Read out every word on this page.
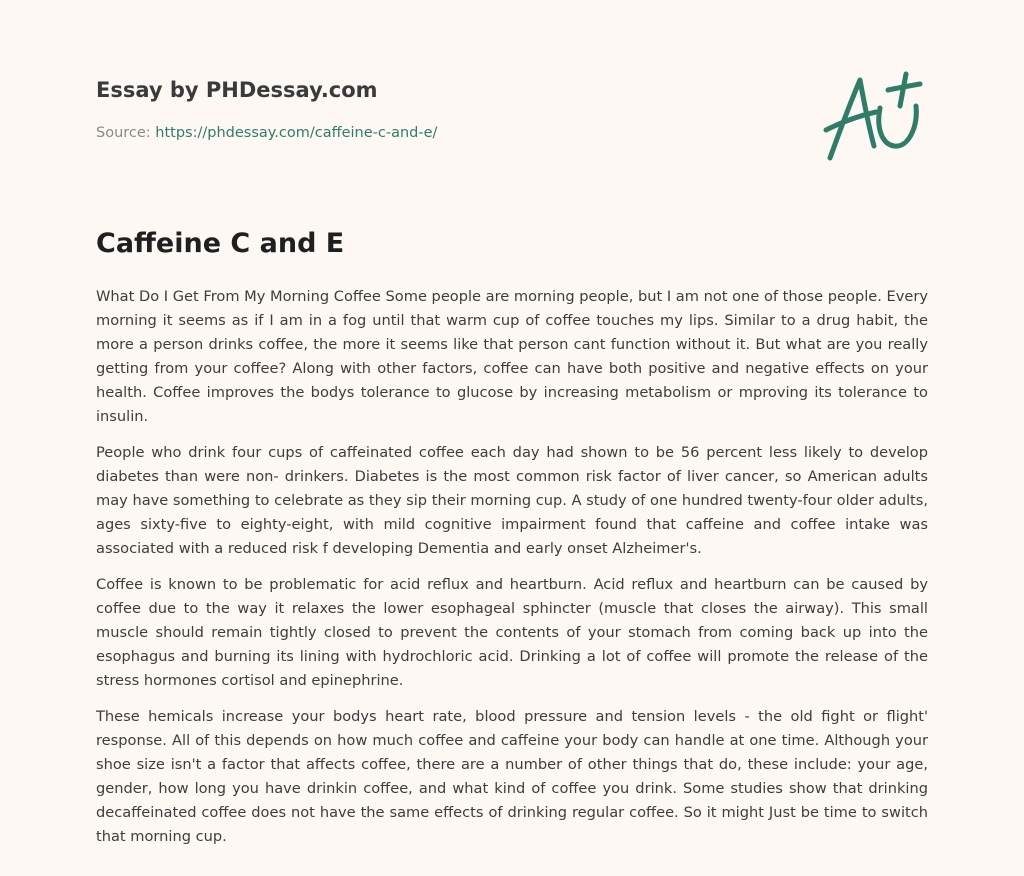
Essay by PHDessay.com
Source: https://phdessay.com/caffeine-c-and-e/
Caffeine C and E

What Do I Get From My Morning Coffee Some people are morning people, but I am not one of those people. Every morning it seems as if I am in a fog until that warm cup of coffee touches my lips. Similar to a drug habit, the more a person drinks coffee, the more it seems like that person cant function without it. But what are you really getting from your coffee? Along with other factors, coffee can have both positive and negative effects on your health. Coffee improves the bodys tolerance to glucose by increasing metabolism or mproving its tolerance to insulin.

People who drink four cups of caffeinated coffee each day had shown to be 56 percent less likely to develop diabetes than were non- drinkers. Diabetes is the most common risk factor of liver cancer, so American adults may have something to celebrate as they sip their morning cup. A study of one hundred twenty-four older adults, ages sixty-five to eighty-eight, with mild cognitive impairment found that caffeine and coffee intake was associated with a reduced risk f developing Dementia and early onset Alzheimer's.

Coffee is known to be problematic for acid reflux and heartburn. Acid reflux and heartburn can be caused by coffee due to the way it relaxes the lower esophageal sphincter (muscle that closes the airway). This small muscle should remain tightly closed to prevent the contents of your stomach from coming back up into the esophagus and burning its lining with hydrochloric acid. Drinking a lot of coffee will promote the release of the stress hormones cortisol and epinephrine.

These hemicals increase your bodys heart rate, blood pressure and tension levels - the old fight or flight' response. All of this depends on how much coffee and caffeine your body can handle at one time. Although your shoe size isn't a factor that affects coffee, there are a number of other things that do, these include: your age, gender, how long you have drinkin coffee, and what kind of coffee you drink. Some studies show that drinking decaffeinated coffee does not have the same effects of drinking regular coffee. So it might Just be time to switch that morning cup.
